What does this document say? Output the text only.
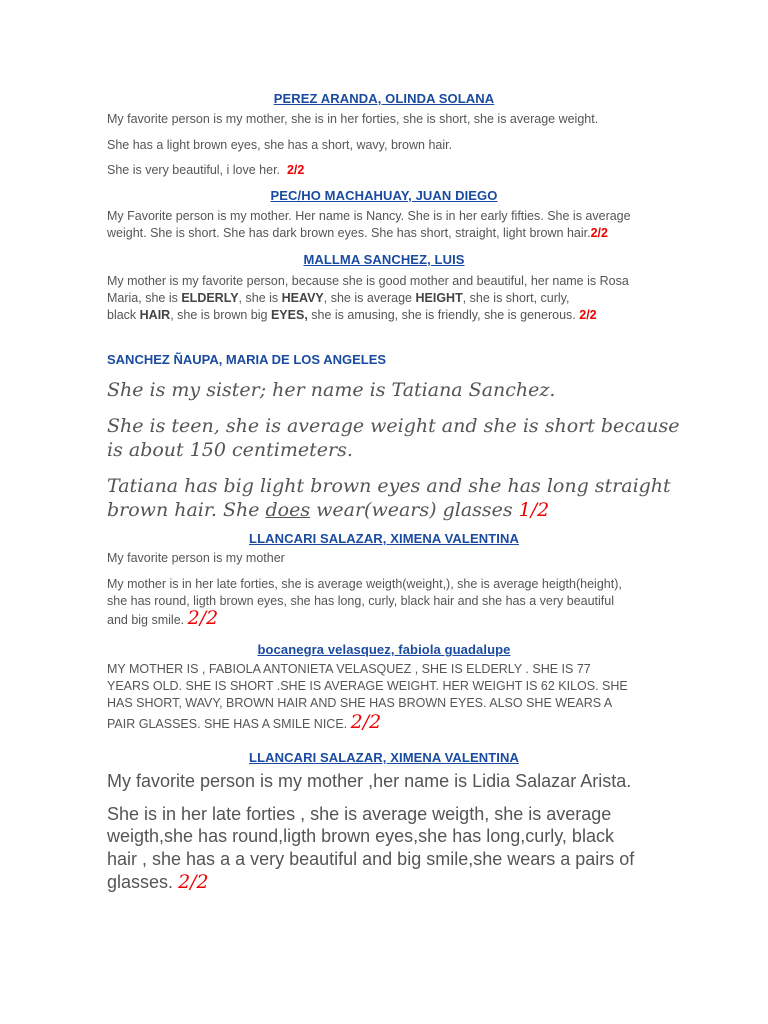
PEREZ ARANDA, OLINDA SOLANA
My favorite person is my mother, she is in her forties, she is short, she is average weight.
She has a light brown eyes, she has a short, wavy, brown hair.
She is very beautiful, i love her. 2/2
PEC/HO MACHAHUAY, JUAN DIEGO
My Favorite person is my mother. Her name is Nancy. She is in her early fifties. She is average
weight. She is short. She has dark brown eyes. She has short, straight, light brown hair.2/2
MALLMA SANCHEZ, LUIS
My mother is my favorite person, because she is good mother and beautiful, her name is Rosa
Maria, she is ELDERLY, she is HEAVY, she is average HEIGHT, she is short, curly,
black HAIR, she is brown big EYES, she is amusing, she is friendly, she is generous. 2/2
SANCHEZ ÑAUPA, MARIA DE LOS ANGELES
She is my sister; her name is Tatiana Sanchez.
She is teen, she is average weight and she is short because
is about 150 centimeters.
Tatiana has big light brown eyes and she has long straight
brown hair. She does wear(wears) glasses 1/2
LLANCARI SALAZAR, XIMENA VALENTINA
My favorite person is my mother
My mother is in her late forties, she is average weigth(weight,), she is average heigth(height),
she has round, ligth brown eyes, she has long, curly, black hair and she has a very beautiful
and big smile. 2/2
bocanegra velasquez, fabiola guadalupe
MY MOTHER IS , FABIOLA ANTONIETA VELASQUEZ , SHE IS ELDERLY . SHE IS 77
YEARS OLD. SHE IS SHORT .SHE IS AVERAGE WEIGHT. HER WEIGHT IS 62 KILOS. SHE
HAS SHORT, WAVY, BROWN HAIR AND SHE HAS BROWN EYES. ALSO SHE WEARS A
PAIR GLASSES. SHE HAS A SMILE NICE. 2/2
LLANCARI SALAZAR, XIMENA VALENTINA
My favorite person is my mother ,her name is Lidia Salazar Arista.
She is in her late forties , she is average weigth, she is average
weigth,she has round,ligth brown eyes,she has long,curly, black
hair , she has a a very beautiful and big smile,she wears a pairs of
glasses. 2/2
